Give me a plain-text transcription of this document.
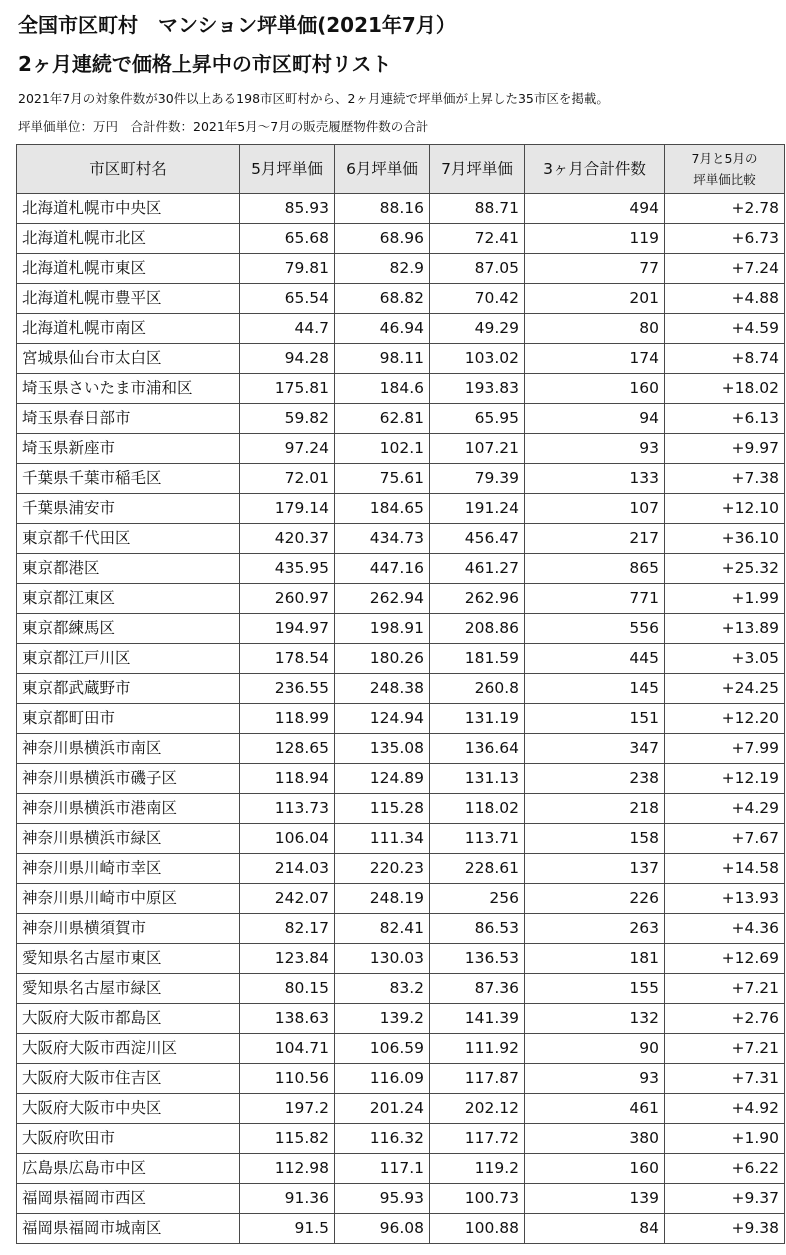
全国市区町村　マンション坪単価(2021年7月）
2ヶ月連続で価格上昇中の市区町村リスト
2021年7月の対象件数が30件以上ある198市区町村から、2ヶ月連続で坪単価が上昇した35市区を掲載。
坪単価単位：万円　合計件数：2021年5月～7月の販売履歴物件数の合計
市区町村名	5月坪単価	6月坪単価	7月坪単価	3ヶ月合計件数	7月と5月の
坪単価比較

北海道札幌市中央区	85.93	88.16	88.71	494	+2.78
北海道札幌市北区	65.68	68.96	72.41	119	+6.73
北海道札幌市東区	79.81	82.9	87.05	77	+7.24
北海道札幌市豊平区	65.54	68.82	70.42	201	+4.88
北海道札幌市南区	44.7	46.94	49.29	80	+4.59
宮城県仙台市太白区	94.28	98.11	103.02	174	+8.74
埼玉県さいたま市浦和区	175.81	184.6	193.83	160	+18.02
埼玉県春日部市	59.82	62.81	65.95	94	+6.13
埼玉県新座市	97.24	102.1	107.21	93	+9.97
千葉県千葉市稲毛区	72.01	75.61	79.39	133	+7.38
千葉県浦安市	179.14	184.65	191.24	107	+12.10
東京都千代田区	420.37	434.73	456.47	217	+36.10
東京都港区	435.95	447.16	461.27	865	+25.32
東京都江東区	260.97	262.94	262.96	771	+1.99
東京都練馬区	194.97	198.91	208.86	556	+13.89
東京都江戸川区	178.54	180.26	181.59	445	+3.05
東京都武蔵野市	236.55	248.38	260.8	145	+24.25
東京都町田市	118.99	124.94	131.19	151	+12.20
神奈川県横浜市南区	128.65	135.08	136.64	347	+7.99
神奈川県横浜市磯子区	118.94	124.89	131.13	238	+12.19
神奈川県横浜市港南区	113.73	115.28	118.02	218	+4.29
神奈川県横浜市緑区	106.04	111.34	113.71	158	+7.67
神奈川県川崎市幸区	214.03	220.23	228.61	137	+14.58
神奈川県川崎市中原区	242.07	248.19	256	226	+13.93
神奈川県横須賀市	82.17	82.41	86.53	263	+4.36
愛知県名古屋市東区	123.84	130.03	136.53	181	+12.69
愛知県名古屋市緑区	80.15	83.2	87.36	155	+7.21
大阪府大阪市都島区	138.63	139.2	141.39	132	+2.76
大阪府大阪市西淀川区	104.71	106.59	111.92	90	+7.21
大阪府大阪市住吉区	110.56	116.09	117.87	93	+7.31
大阪府大阪市中央区	197.2	201.24	202.12	461	+4.92
大阪府吹田市	115.82	116.32	117.72	380	+1.90
広島県広島市中区	112.98	117.1	119.2	160	+6.22
福岡県福岡市西区	91.36	95.93	100.73	139	+9.37
福岡県福岡市城南区	91.5	96.08	100.88	84	+9.38
